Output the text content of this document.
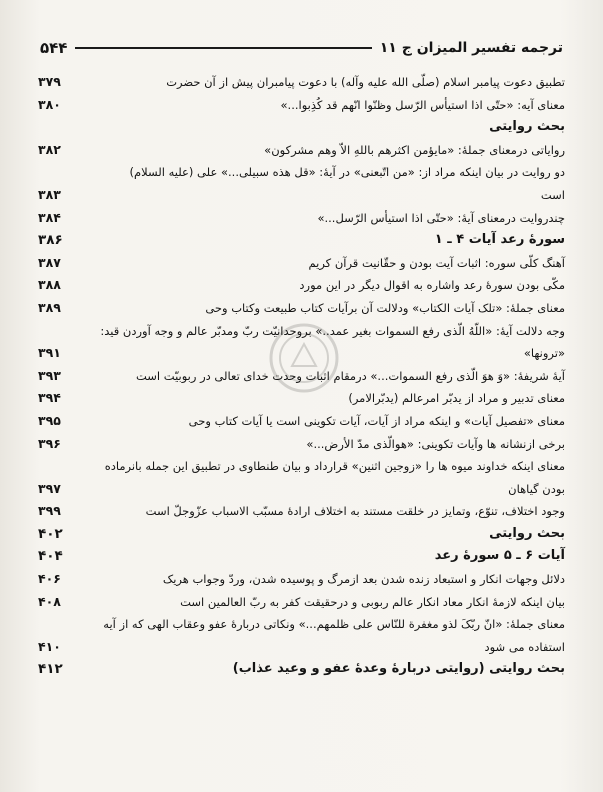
۵۴۴	ترجمه تفسیر المیزان ج ۱۱
۳۷۹	تطبیق دعوت پیامبر اسلام (صلّی الله علیه وآله) با دعوت پیامبران پیش از آن حضرت
۳۸۰	معنای آیه: «حتّی اذا استیأس الرّسل وظنّوا انّهم قد کُذِبوا...»
بحث روایتی
۳۸۲	روایاتی درمعنای جملهٔ: «مایؤمن اکثرهم باللهِ الاّ وهم مشرکون»
دو روایت در بیان اینکه مراد از: «من اتّبعنی» در آیهٔ: «قل هذه سبیلی...» علی (علیه السلام)
۳۸۳	است
۳۸۴	چندروایت درمعنای آیهٔ: «حتّی اذا استیأس الرّسل...»
۳۸۶	سورهٔ رعد آیات ۴ ـ ۱
۳۸۷	آهنگ کلّی سوره: اثبات آیت بودن و حقّانیت قرآن کریم
۳۸۸	مکّی بودن سورهٔ رعد واشاره به اقوال دیگر در این مورد
۳۸۹	معنای جملهٔ: «تلک آیات الکتاب» ودلالت آن برآیات کتاب طبیعت وکتاب وحی
وجه دلالت آیهٔ: «اللّهُ الّذی رفع السموات بغیر عمد..» بروحدانیّت ربّ ومدبّر عالم و وجه آوردن قید:
۳۹۱	«ترونها»
۳۹۳	آیهٔ شریفهٔ: «وَ هوَ الّذی رفع السموات...» درمقام اثبات وحدت خدای تعالی در ربوبیّت است
۳۹۴	معنای تدبیر و مراد از یدبّر امرعالم (یدبّرالامر)
۳۹۵	معنای «تفصیل آیات» و اینکه مراد از آیات، آیات تکوینی است یا آیات کتاب وحی
۳۹۶	برخی ازنشانه ها وآیات تکوینی: «هوالّذی مدّ الأرض...»
معنای اینکه خداوند میوه ها را «زوجین اثنین» قرارداد و بیان طنطاوی در تطبیق این جمله بانرماده
۳۹۷	بودن گیاهان
۳۹۹	وجود اختلاف، تنوّع، وتمایز در خلقت مستند به اختلاف ارادهٔ مسبّب الاسباب عزّوجلّ است
۴۰۲	بحث روایتی
۴۰۴	آیات ۶ ـ ۵ سورهٔ رعد
۴۰۶	دلائل وجهات انکار و استبعاد زنده شدن بعد ازمرگ و پوسیده شدن، وردّ وجواب هریک
۴۰۸	بیان اینکه لازمهٔ انکار معاد انکار عالم ربوبی و درحقیقت کفر به ربّ العالمین است
معنای جملهٔ: «انّ ربّکَ لذو مغفرة للنّاس علی ظلمهم...» ونکاتی دربارهٔ عفو وعقاب الهی که از آیه
۴۱۰	استفاده می شود
۴۱۲	بحث روایتی (روایتی دربارهٔ وعدهٔ عفو و وعید عذاب)
